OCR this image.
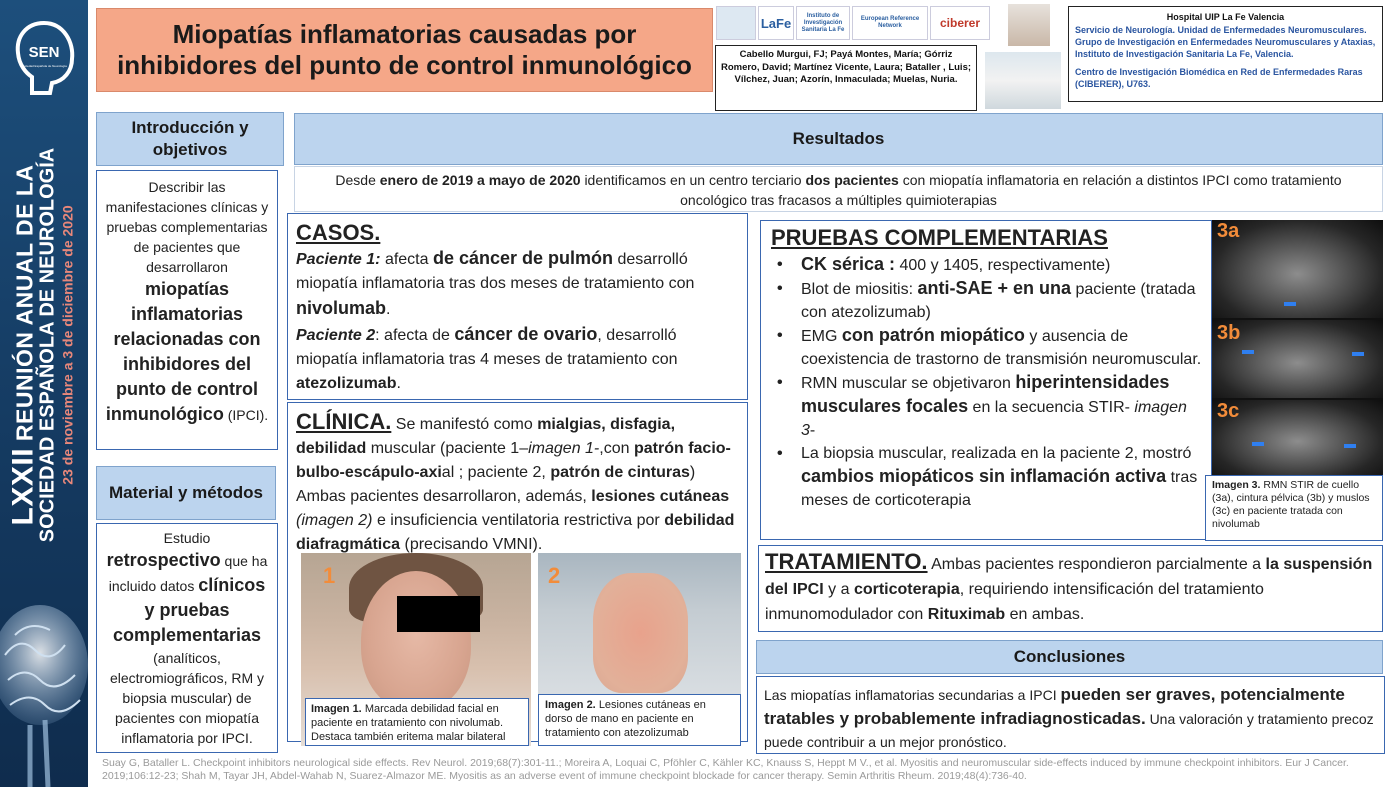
SEN
Sociedad Española de Neurología
LXXII REUNIÓN ANUAL DE LA SOCIEDAD ESPAÑOLA DE NEUROLOGÍA 23 de noviembre a 3 de diciembre de 2020
Miopatías inflamatorias causadas por inhibidores del punto de control inmunológico
LaFe	Instituto de Investigación Sanitaria La Fe
European Reference Network	ciberer
Cabello Murgui, FJ; Payá Montes, María; Górriz Romero, David; Martínez Vicente, Laura; Bataller , Luis; Vílchez, Juan; Azorín, Inmaculada; Muelas, Nuria.
Hospital UIP La Fe Valencia
Servicio de Neurología. Unidad de Enfermedades Neuromusculares.
Grupo de Investigación en Enfermedades Neuromusculares y Ataxias, Instituto de Investigación Sanitaria La Fe, Valencia.
Centro de Investigación Biomédica en Red de Enfermedades Raras (CIBERER), U763.
Introducción y objetivos
Describir las manifestaciones clínicas y pruebas complementarias de pacientes que desarrollaron
miopatías inflamatorias relacionadas con inhibidores del punto de control inmunológico (IPCI).
Material y métodos
Estudio
retrospectivo que ha incluido datos clínicos y pruebas complementarias (analíticos, electromiográficos, RM y biopsia muscular) de pacientes con miopatía inflamatoria por IPCI.
Resultados
Desde enero de 2019 a mayo de 2020 identificamos en un centro terciario dos pacientes con miopatía inflamatoria en relación a distintos IPCI como tratamiento oncológico tras fracasos a múltiples quimioterapias
CASOS.
Paciente 1: afecta de cáncer de pulmón desarrolló miopatía inflamatoria tras dos meses de tratamiento con nivolumab.
Paciente 2: afecta de cáncer de ovario, desarrolló miopatía inflamatoria tras 4 meses de tratamiento con atezolizumab.
CLÍNICA. Se manifestó como mialgias, disfagia, debilidad muscular (paciente 1–imagen 1-,con patrón facio-bulbo-escápulo-axial ; paciente 2, patrón de cinturas) Ambas pacientes desarrollaron, además, lesiones cutáneas (imagen 2) e insuficiencia ventilatoria restrictiva por debilidad diafragmática (precisando VMNI).
1
Imagen 1. Marcada debilidad facial en paciente en tratamiento con nivolumab. Destaca también eritema malar bilateral
2
Imagen 2. Lesiones cutáneas en dorso de mano en paciente en tratamiento con atezolizumab
PRUEBAS COMPLEMENTARIAS
• CK sérica : 400 y 1405, respectivamente)
• Blot de miositis: anti-SAE + en una paciente (tratada con atezolizumab)
• EMG con patrón miopático y ausencia de coexistencia de trastorno de transmisión neuromuscular.
• RMN muscular se objetivaron hiperintensidades musculares focales en la secuencia STIR- imagen 3-
• La biopsia muscular, realizada en la paciente 2, mostró cambios miopáticos sin inflamación activa tras meses de corticoterapia
3a
3b
3c
Imagen 3. RMN STIR de cuello (3a), cintura pélvica (3b) y muslos (3c) en paciente tratada con nivolumab
TRATAMIENTO. Ambas pacientes respondieron parcialmente a la suspensión del IPCI y a corticoterapia, requiriendo intensificación del tratamiento inmunomodulador con Rituximab en ambas.
Conclusiones
Las miopatías inflamatorias secundarias a IPCI pueden ser graves, potencialmente tratables y probablemente infradiagnosticadas. Una valoración y tratamiento precoz puede contribuir a un mejor pronóstico.
Suay G, Bataller L. Checkpoint inhibitors neurological side effects. Rev Neurol. 2019;68(7):301-11.; Moreira A, Loquai C, Pföhler C, Kähler KC, Knauss S, Heppt M V., et al. Myositis and neuromuscular side-effects induced by immune checkpoint inhibitors. Eur J Cancer. 2019;106:12-23; Shah M, Tayar JH, Abdel-Wahab N, Suarez-Almazor ME. Myositis as an adverse event of immune checkpoint blockade for cancer therapy. Semin Arthritis Rheum. 2019;48(4):736-40.
